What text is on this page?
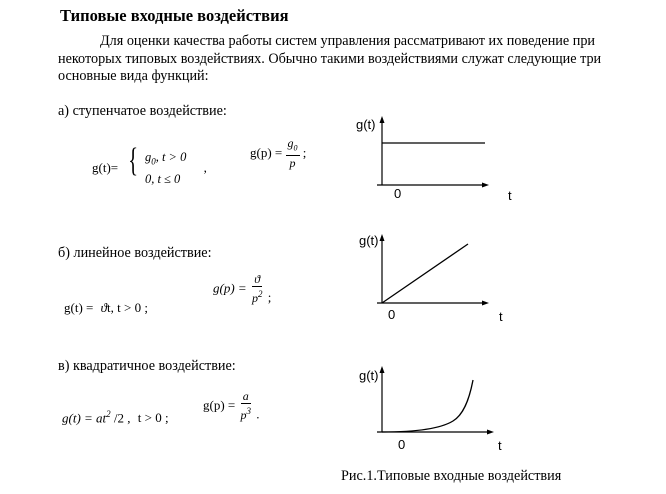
Типовые входные воздействия
Для оценки качества работы систем управления рассматривают их поведение при некоторых типовых воздействиях. Обычно такими воздействиями служат следующие три основные вида функций:
а) ступенчатое воздействие:
g(t)= { $g_0$, t > 0
0, t ≤ 0
,
$g(p) = \frac{g_0}{p}$ ;
g(t)
0	t
б) линейное воздействие:
g(t) = ϑt, t > 0 ;
$g(p) = \frac{ϑ}{p^2}$ ;
g(t)
0	t
в) квадратичное воздействие:
$g(t) = at^2$ /2 , t > 0 ;
$g(p) = \frac{a}{p^3}$ .
g(t)
0	t
Рис.1.Типовые входные воздействия
